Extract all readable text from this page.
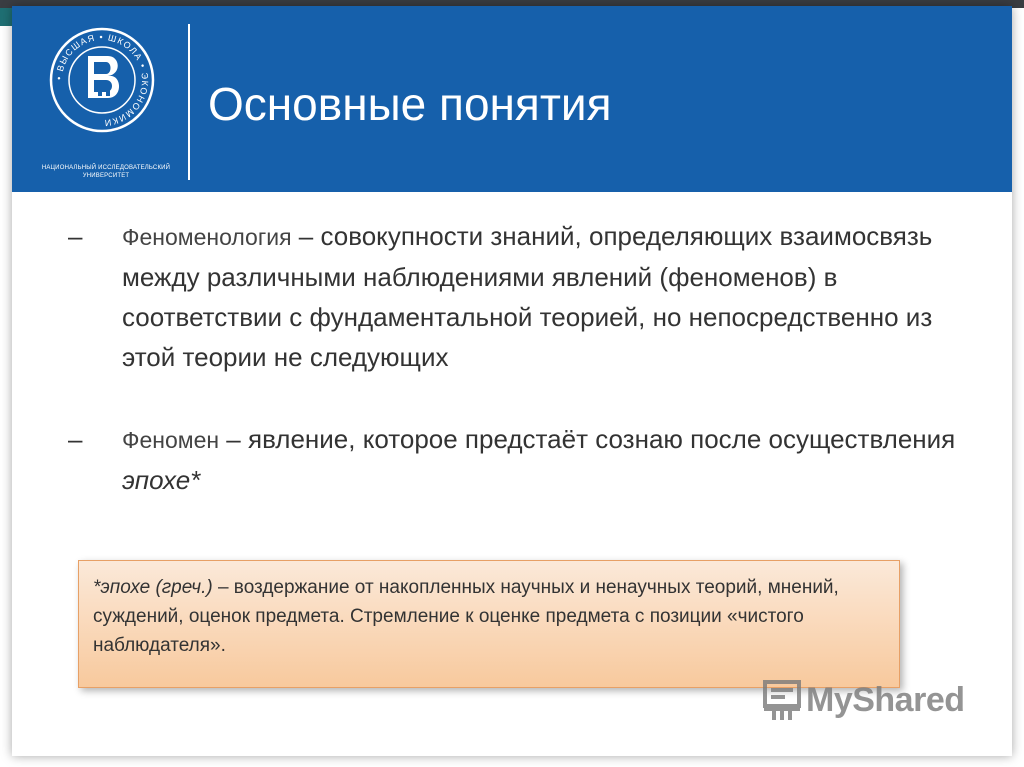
• ВЫСШАЯ • ШКОЛА • ЭКОНОМИКИ
НАЦИОНАЛЬНЫЙ ИССЛЕДОВАТЕЛЬСКИЙ
УНИВЕРСИТЕТ
Основные понятия
– Феноменология – совокупности знаний, определяющих взаимосвязь между различными наблюдениями явлений (феноменов) в соответствии с фундаментальной теорией, но непосредственно из этой теории не следующих
– Феномен – явление, которое предстаёт сознаю после осуществления эпохе*
*эпохе (греч.) – воздержание от накопленных научных и ненаучных теорий, мнений, суждений, оценок предмета. Стремление к оценке предмета с позиции «чистого наблюдателя».
MyShared
